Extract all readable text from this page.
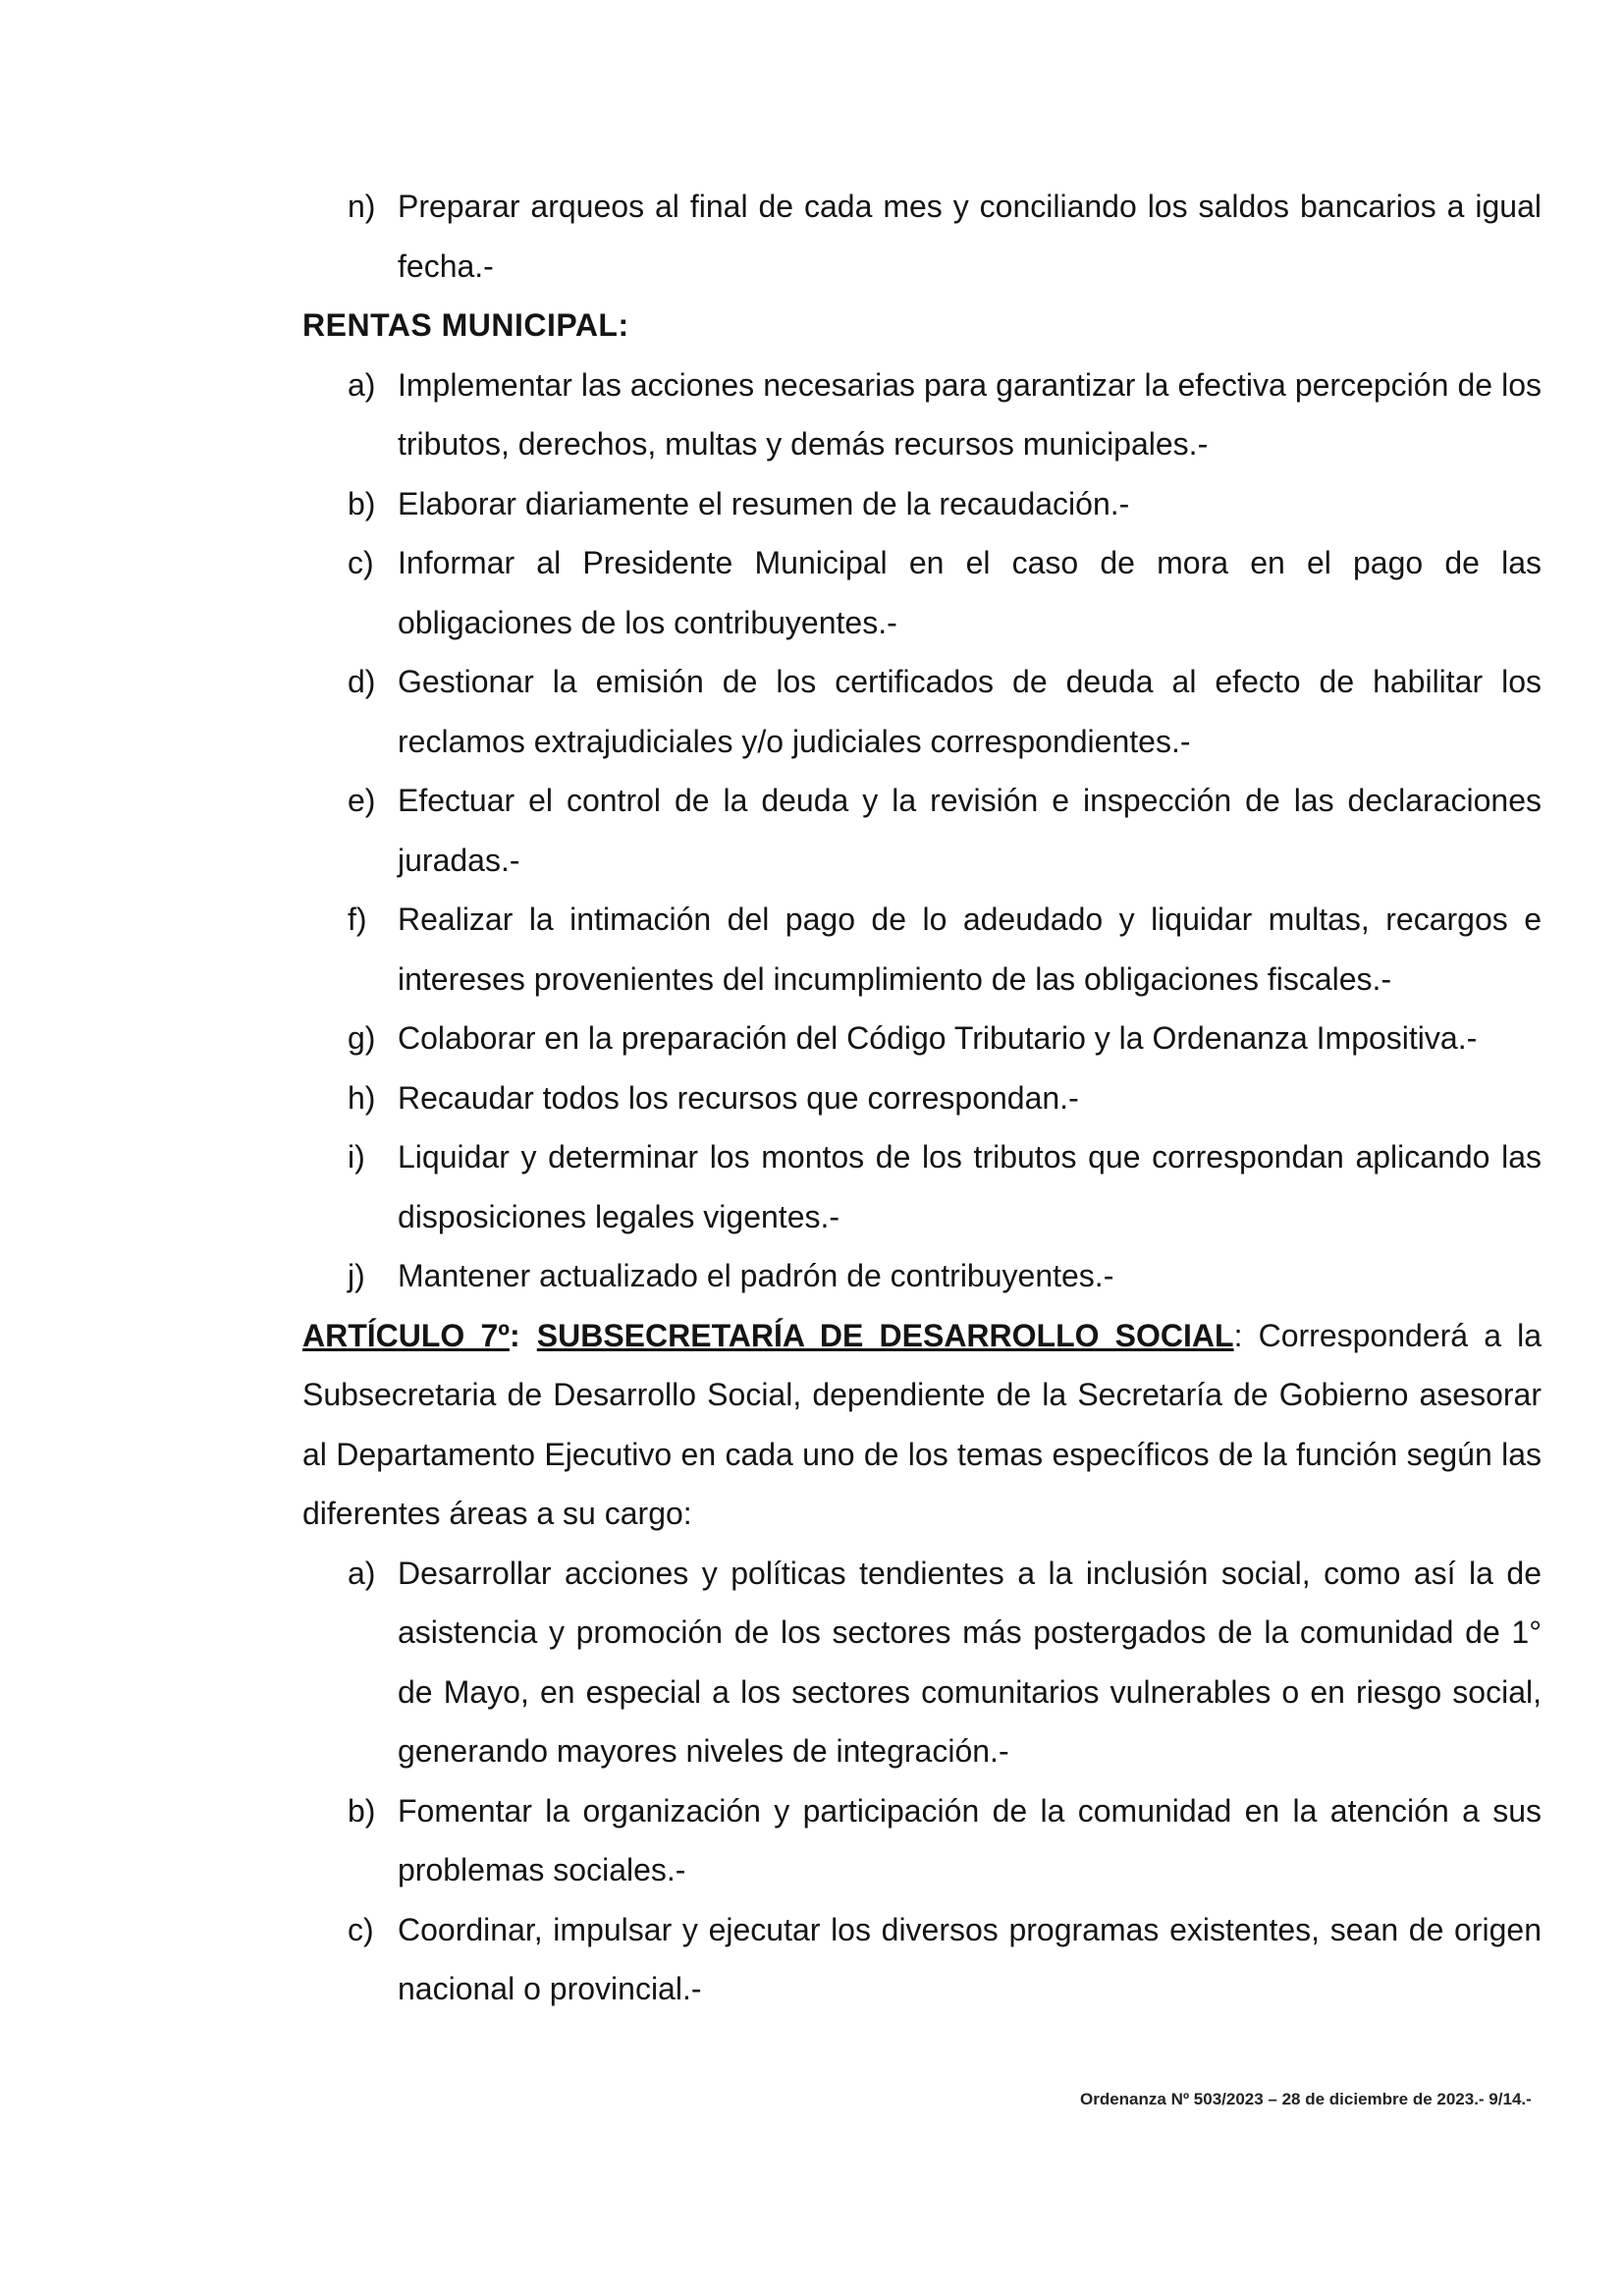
n) Preparar arqueos al final de cada mes y conciliando los saldos bancarios a igual fecha.-
RENTAS MUNICIPAL:
a) Implementar las acciones necesarias para garantizar la efectiva percepción de los tributos, derechos, multas y demás recursos municipales.-
b) Elaborar diariamente el resumen de la recaudación.-
c) Informar al Presidente Municipal en el caso de mora en el pago de las obligaciones de los contribuyentes.-
d) Gestionar la emisión de los certificados de deuda al efecto de habilitar los reclamos extrajudiciales y/o judiciales correspondientes.-
e) Efectuar el control de la deuda y la revisión e inspección de las declaraciones juradas.-
f) Realizar la intimación del pago de lo adeudado y liquidar multas, recargos e intereses provenientes del incumplimiento de las obligaciones fiscales.-
g) Colaborar en la preparación del Código Tributario y la Ordenanza Impositiva.-
h) Recaudar todos los recursos que correspondan.-
i) Liquidar y determinar los montos de los tributos que correspondan aplicando las disposiciones legales vigentes.-
j) Mantener actualizado el padrón de contribuyentes.-
ARTÍCULO 7º: SUBSECRETARÍA DE DESARROLLO SOCIAL: Corresponderá a la Subsecretaria de Desarrollo Social, dependiente de la Secretaría de Gobierno asesorar al Departamento Ejecutivo en cada uno de los temas específicos de la función según las diferentes áreas a su cargo:
a) Desarrollar acciones y políticas tendientes a la inclusión social, como así la de asistencia y promoción de los sectores más postergados de la comunidad de 1° de Mayo, en especial a los sectores comunitarios vulnerables o en riesgo social, generando mayores niveles de integración.-
b) Fomentar la organización y participación de la comunidad en la atención a sus problemas sociales.-
c) Coordinar, impulsar y ejecutar los diversos programas existentes, sean de origen nacional o provincial.-
Ordenanza Nº 503/2023 – 28 de diciembre de 2023.- 9/14.-
